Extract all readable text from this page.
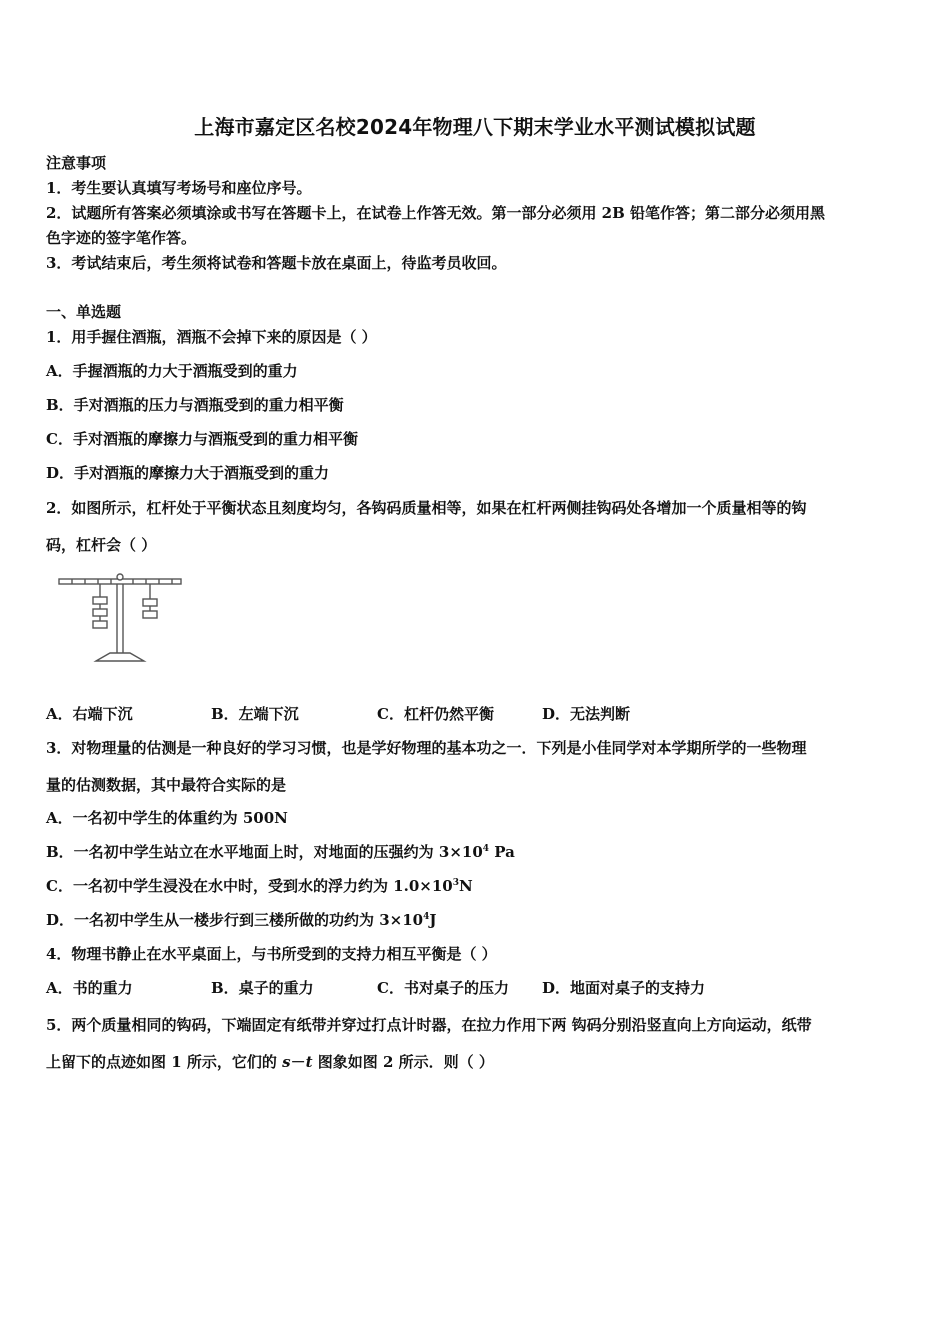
上海市嘉定区名校2024年物理八下期末学业水平测试模拟试题
注意事项
1．考生要认真填写考场号和座位序号。
2．试题所有答案必须填涂或书写在答题卡上，在试卷上作答无效。第一部分必须用 2B 铅笔作答；第二部分必须用黑
色字迹的签字笔作答。
3．考试结束后，考生须将试卷和答题卡放在桌面上，待监考员收回。
一、单选题
1．用手握住酒瓶，酒瓶不会掉下来的原因是（ ）
A．手握酒瓶的力大于酒瓶受到的重力
B．手对酒瓶的压力与酒瓶受到的重力相平衡
C．手对酒瓶的摩擦力与酒瓶受到的重力相平衡
D．手对酒瓶的摩擦力大于酒瓶受到的重力
2．如图所示，杠杆处于平衡状态且刻度均匀，各钩码质量相等，如果在杠杆两侧挂钩码处各增加一个质量相等的钩
码，杠杆会（ ）
A．右端下沉	B．左端下沉	C．杠杆仍然平衡	D．无法判断
3．对物理量的估测是一种良好的学习习惯，也是学好物理的基本功之一．下列是小佳同学对本学期所学的一些物理
量的估测数据，其中最符合实际的是
A．一名初中学生的体重约为 500N
B．一名初中学生站立在水平地面上时，对地面的压强约为 $3\times 10^4$ Pa
C．一名初中学生浸没在水中时，受到水的浮力约为 $1.0\times 10^3N$
D．一名初中学生从一楼步行到三楼所做的功约为 $3\times 10^4J$
4．物理书静止在水平桌面上，与书所受到的支持力相互平衡是（ ）
A．书的重力	B．桌子的重力	C．书对桌子的压力 D．地面对桌子的支持力
5．两个质量相同的钩码，下端固定有纸带并穿过打点计时器，在拉力作用下两 钩码分别沿竖直向上方向运动，纸带
上留下的点迹如图 1 所示，它们的 s－t 图象如图 2 所示．则（ ）
